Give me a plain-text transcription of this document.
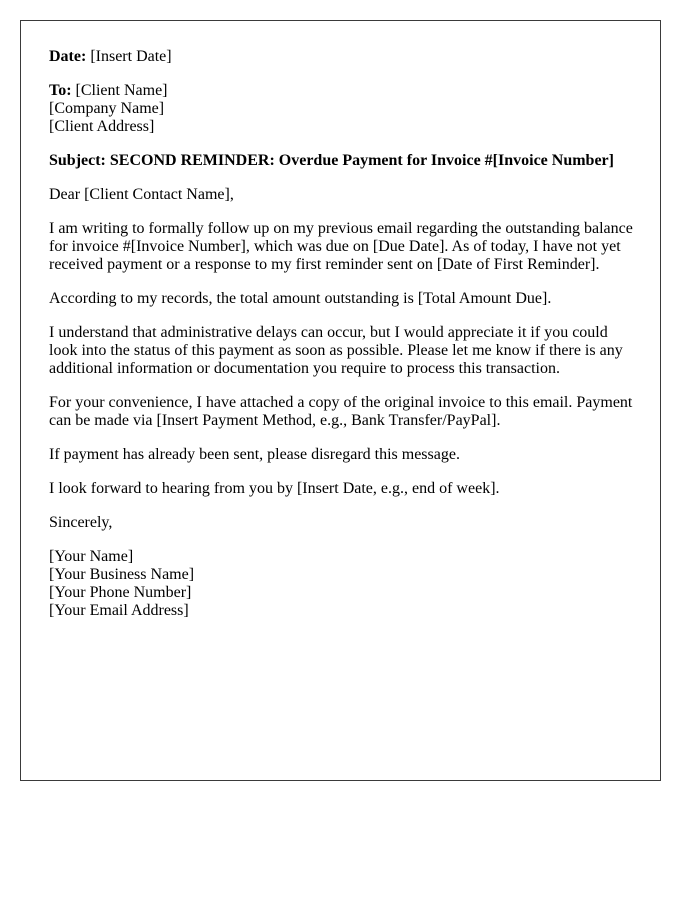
Date: [Insert Date]
To: [Client Name]
[Company Name]
[Client Address]
Subject: SECOND REMINDER: Overdue Payment for Invoice #[Invoice Number]
Dear [Client Contact Name],
I am writing to formally follow up on my previous email regarding the outstanding balance
for invoice #[Invoice Number], which was due on [Due Date]. As of today, I have not yet
received payment or a response to my first reminder sent on [Date of First Reminder].
According to my records, the total amount outstanding is [Total Amount Due].
I understand that administrative delays can occur, but I would appreciate it if you could
look into the status of this payment as soon as possible. Please let me know if there is any
additional information or documentation you require to process this transaction.
For your convenience, I have attached a copy of the original invoice to this email. Payment
can be made via [Insert Payment Method, e.g., Bank Transfer/PayPal].
If payment has already been sent, please disregard this message.
I look forward to hearing from you by [Insert Date, e.g., end of week].
Sincerely,
[Your Name]
[Your Business Name]
[Your Phone Number]
[Your Email Address]
